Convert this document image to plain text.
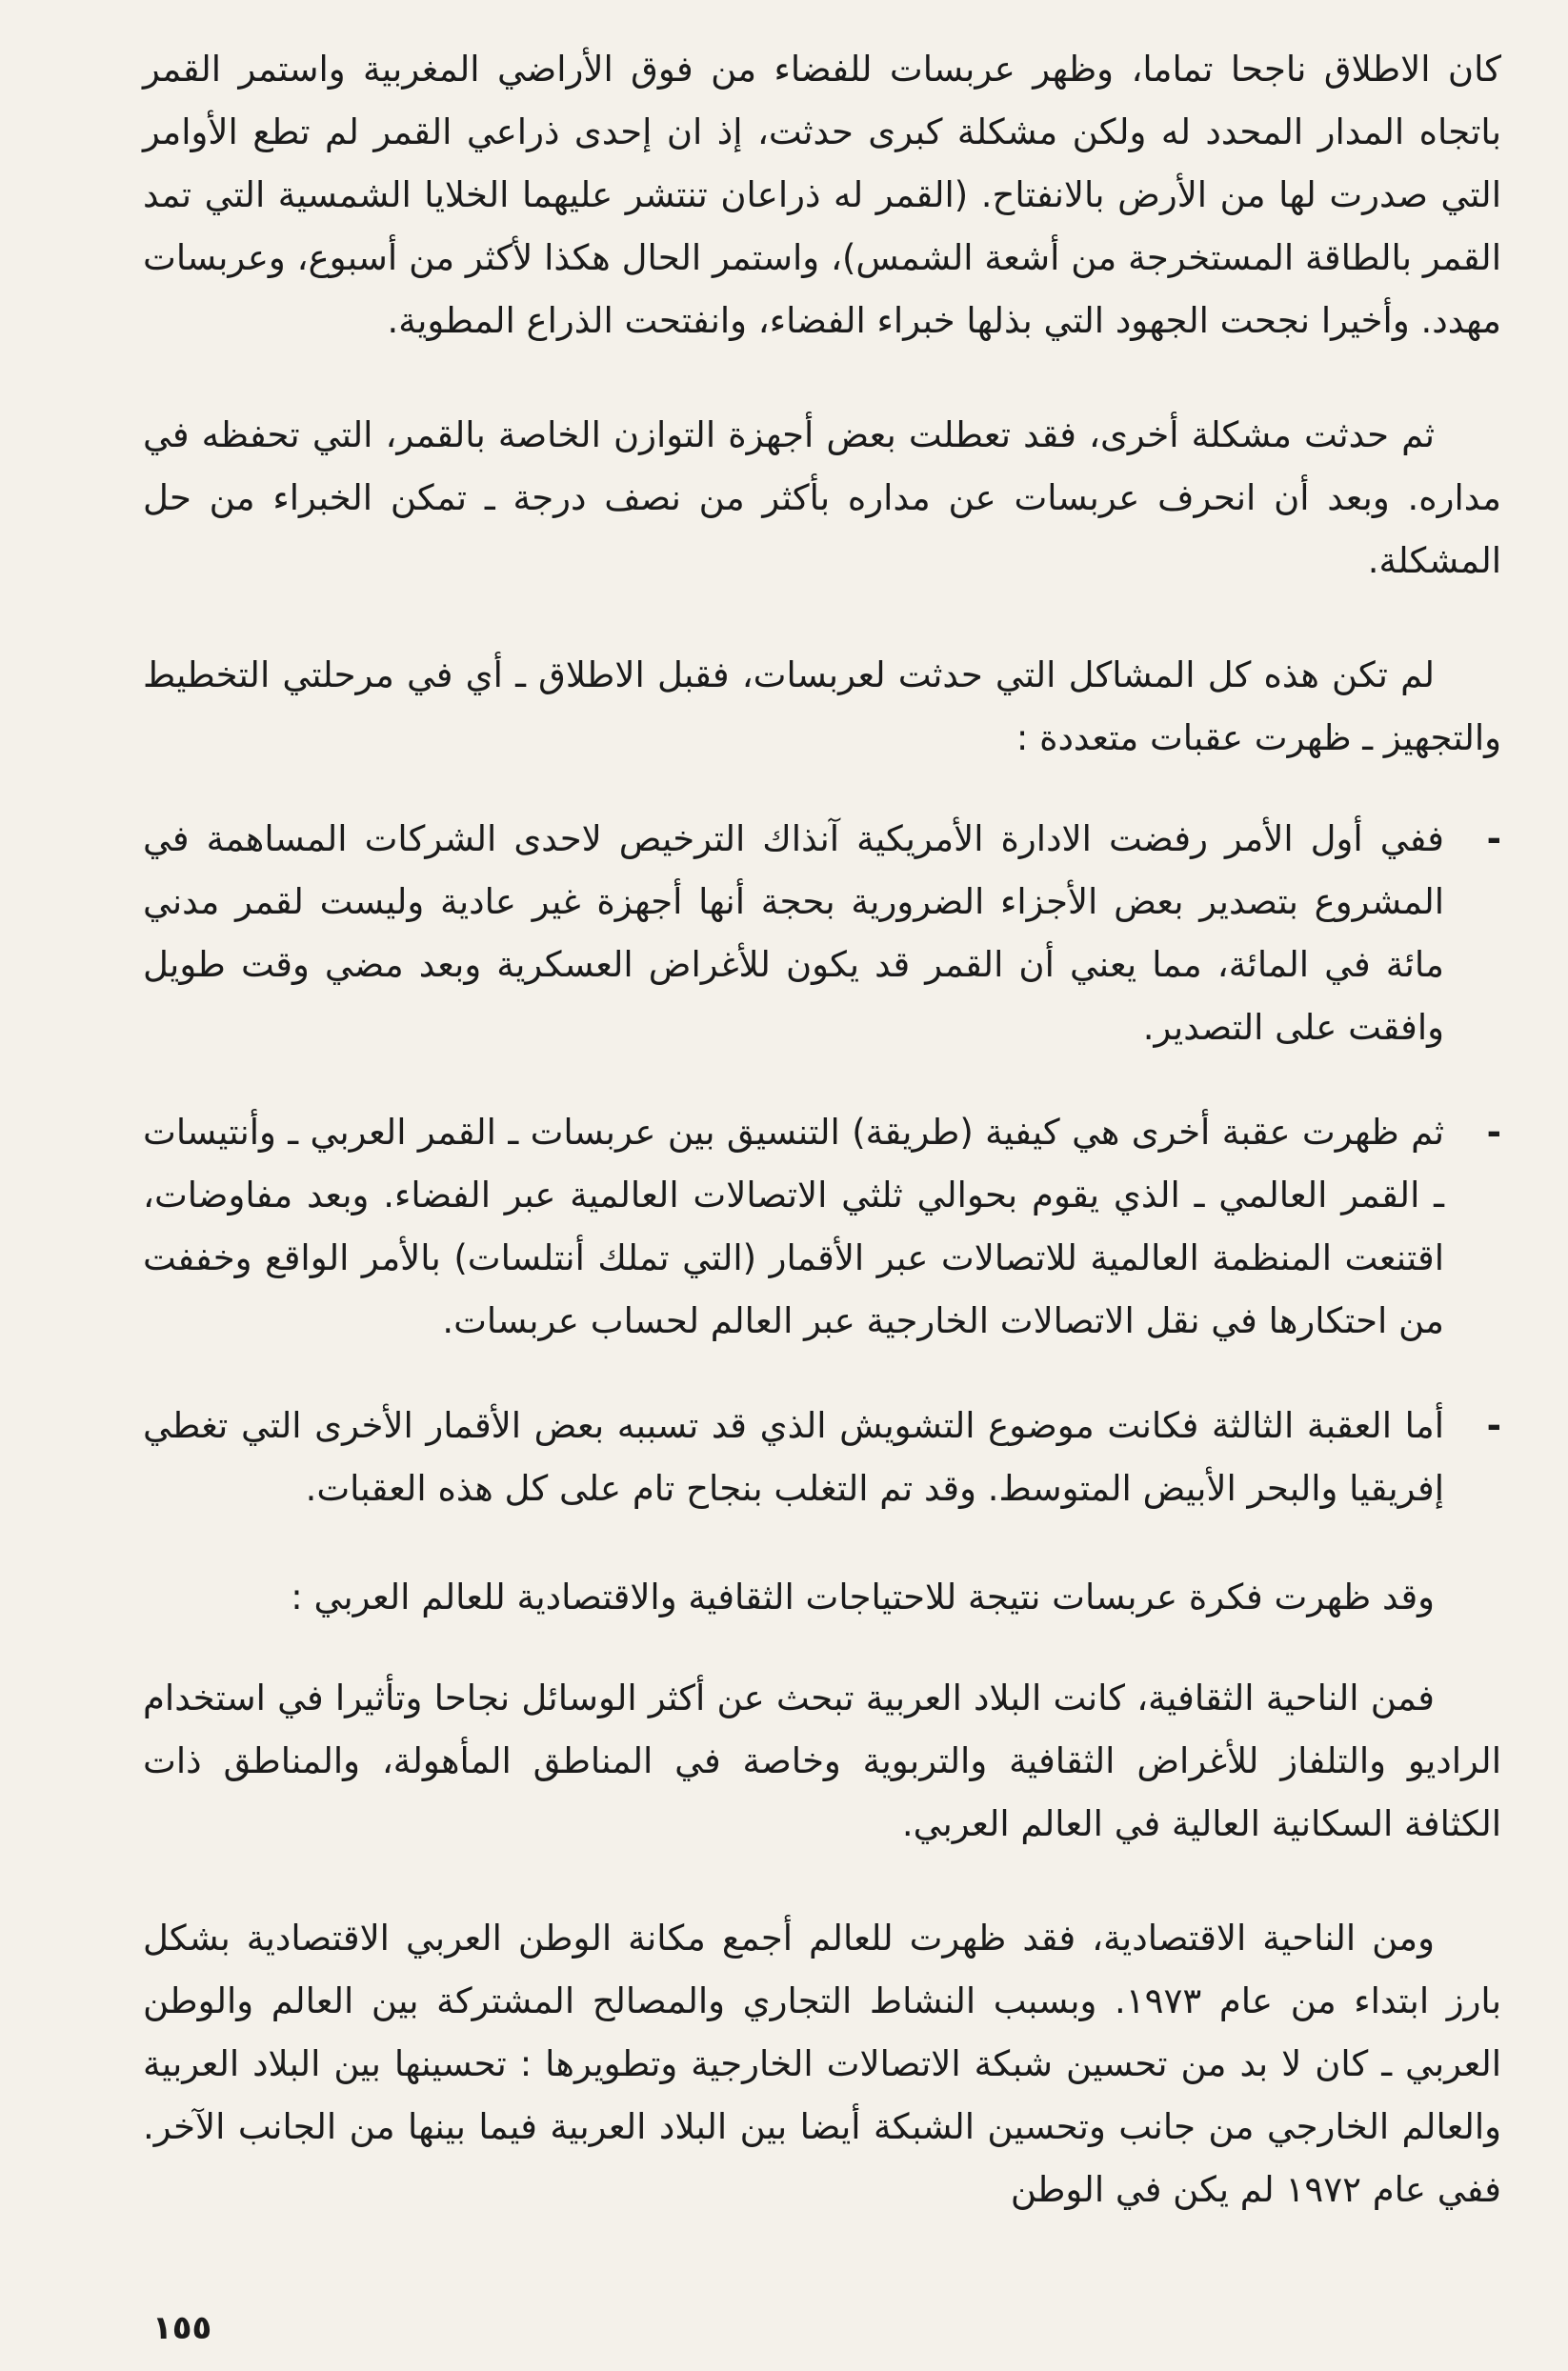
كان الاطلاق ناجحا تماما، وظهر عربسات للفضاء من فوق الأراضي المغربية واستمر القمر باتجاه المدار المحدد له ولكن مشكلة كبرى حدثت، إذ ان إحدى ذراعي القمر لم تطع الأوامر التي صدرت لها من الأرض بالانفتاح. (القمر له ذراعان تنتشر عليهما الخلايا الشمسية التي تمد القمر بالطاقة المستخرجة من أشعة الشمس)، واستمر الحال هكذا لأكثر من أسبوع، وعربسات مهدد. وأخيرا نجحت الجهود التي بذلها خبراء الفضاء، وانفتحت الذراع المطوية.

ثم حدثت مشكلة أخرى، فقد تعطلت بعض أجهزة التوازن الخاصة بالقمر، التي تحفظه في مداره. وبعد أن انحرف عربسات عن مداره بأكثر من نصف درجة ـ تمكن الخبراء من حل المشكلة.

لم تكن هذه كل المشاكل التي حدثت لعربسات، فقبل الاطلاق ـ أي في مرحلتي التخطيط والتجهيز ـ ظهرت عقبات متعددة :

-
ففي أول الأمر رفضت الادارة الأمريكية آنذاك الترخيص لاحدى الشركات المساهمة في المشروع بتصدير بعض الأجزاء الضرورية بحجة أنها أجهزة غير عادية وليست لقمر مدني مائة في المائة، مما يعني أن القمر قد يكون للأغراض العسكرية وبعد مضي وقت طويل وافقت على التصدير.
-
ثم ظهرت عقبة أخرى هي كيفية (طريقة) التنسيق بين عربسات ـ القمر العربي ـ وأنتيسات ـ القمر العالمي ـ الذي يقوم بحوالي ثلثي الاتصالات العالمية عبر الفضاء. وبعد مفاوضات، اقتنعت المنظمة العالمية للاتصالات عبر الأقمار (التي تملك أنتلسات) بالأمر الواقع وخففت من احتكارها في نقل الاتصالات الخارجية عبر العالم لحساب عربسات.
-
أما العقبة الثالثة فكانت موضوع التشويش الذي قد تسببه بعض الأقمار الأخرى التي تغطي إفريقيا والبحر الأبيض المتوسط. وقد تم التغلب بنجاح تام على كل هذه العقبات.

وقد ظهرت فكرة عربسات نتيجة للاحتياجات الثقافية والاقتصادية للعالم العربي :

فمن الناحية الثقافية، كانت البلاد العربية تبحث عن أكثر الوسائل نجاحا وتأثيرا في استخدام الراديو والتلفاز للأغراض الثقافية والتربوية وخاصة في المناطق المأهولة، والمناطق ذات الكثافة السكانية العالية في العالم العربي.

ومن الناحية الاقتصادية، فقد ظهرت للعالم أجمع مكانة الوطن العربي الاقتصادية بشكل بارز ابتداء من عام ١٩٧٣. وبسبب النشاط التجاري والمصالح المشتركة بين العالم والوطن العربي ـ كان لا بد من تحسين شبكة الاتصالات الخارجية وتطويرها : تحسينها بين البلاد العربية والعالم الخارجي من جانب وتحسين الشبكة أيضا بين البلاد العربية فيما بينها من الجانب الآخر. ففي عام ١٩٧٢ لم يكن في الوطن

١٥٥
